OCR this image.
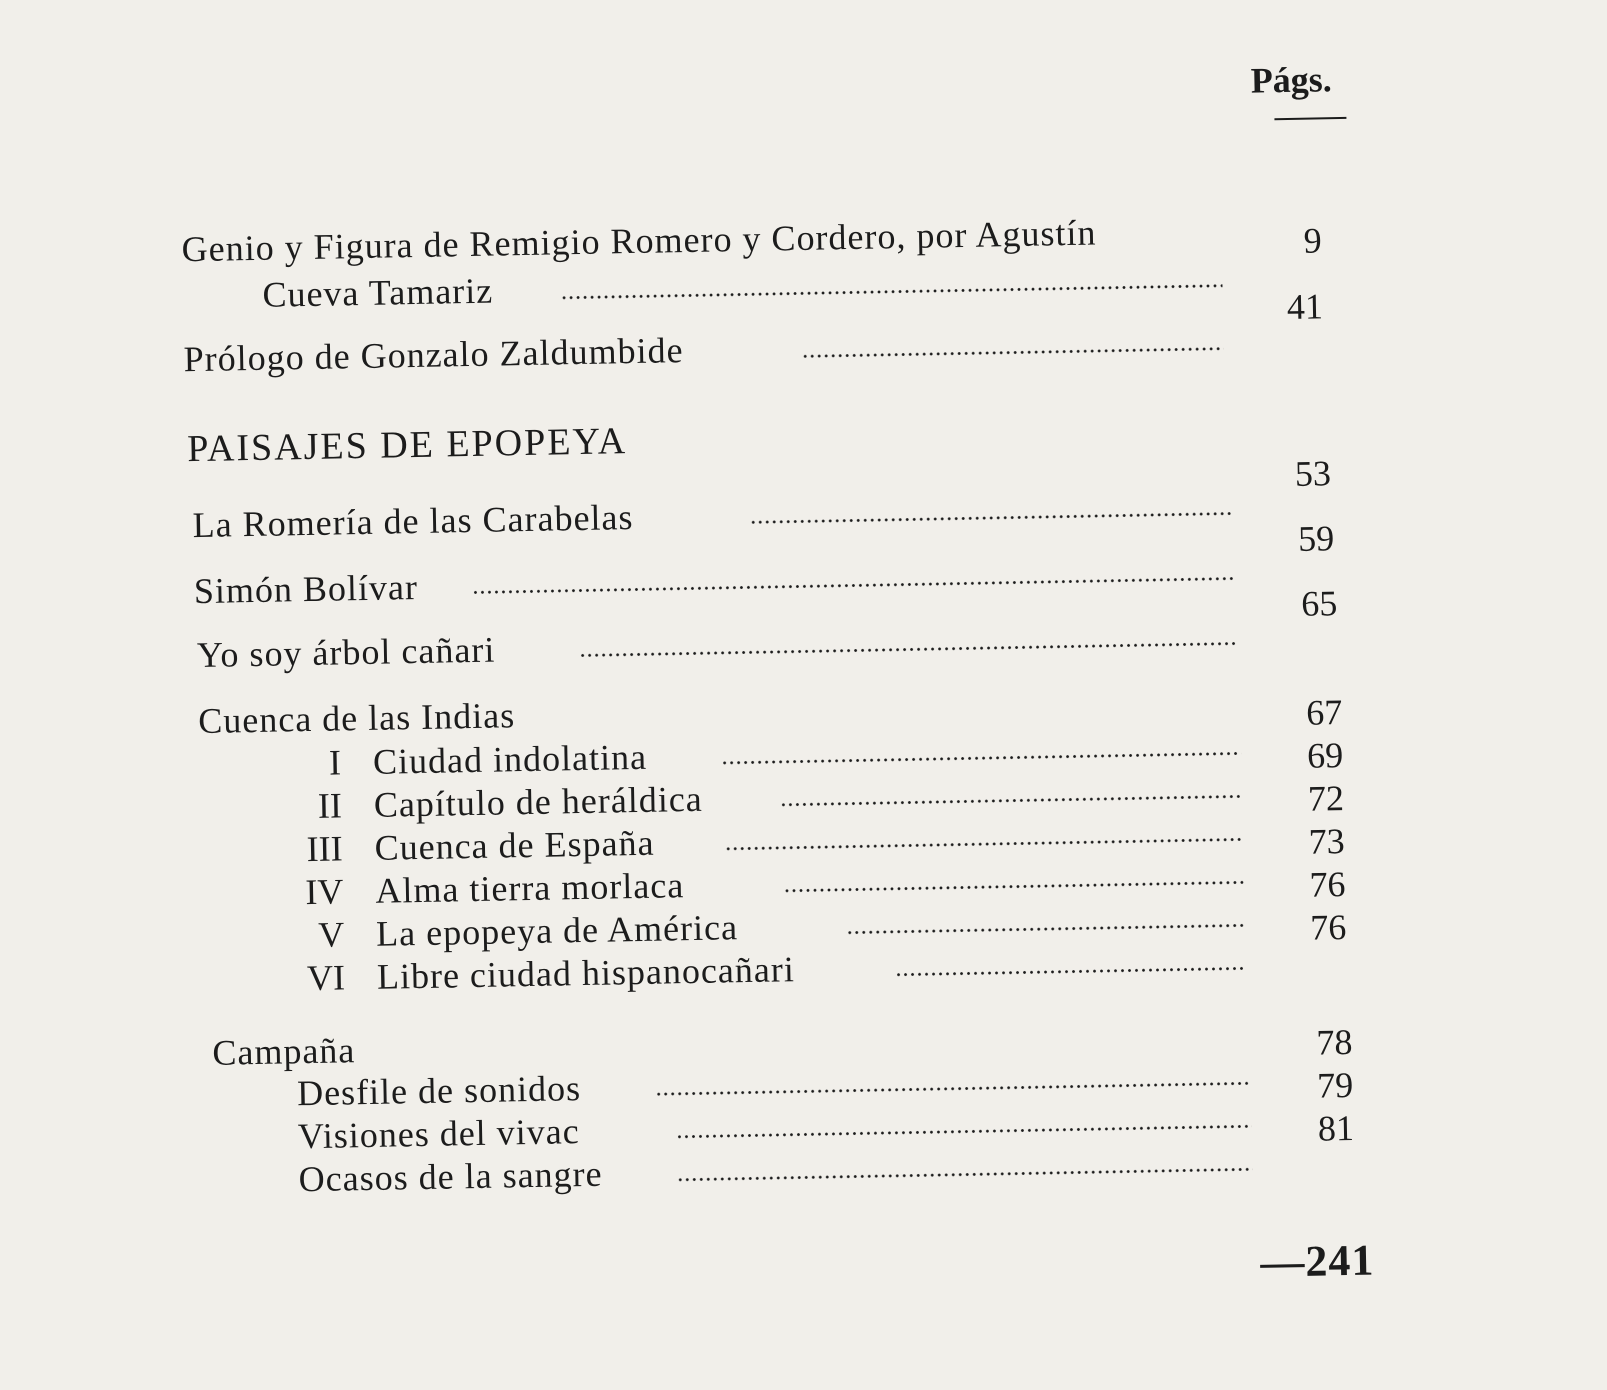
Págs.
Genio y Figura de Remigio Romero y Cordero, por Agustín
Cueva Tamariz
9
Prólogo de Gonzalo Zaldumbide
41
PAISAJES DE EPOPEYA
La Romería de las Carabelas
53
Simón Bolívar
59
Yo soy árbol cañari
65
Cuenca de las Indias
I Ciudad indolatina
67
II Capítulo de heráldica
69
III Cuenca de España
72
IV Alma tierra morlaca
73
V La epopeya de América
76
VI Libre ciudad hispanocañari
76
Campaña
Desfile de sonidos
78
Visiones del vivac
79
Ocasos de la sangre
81
—241
